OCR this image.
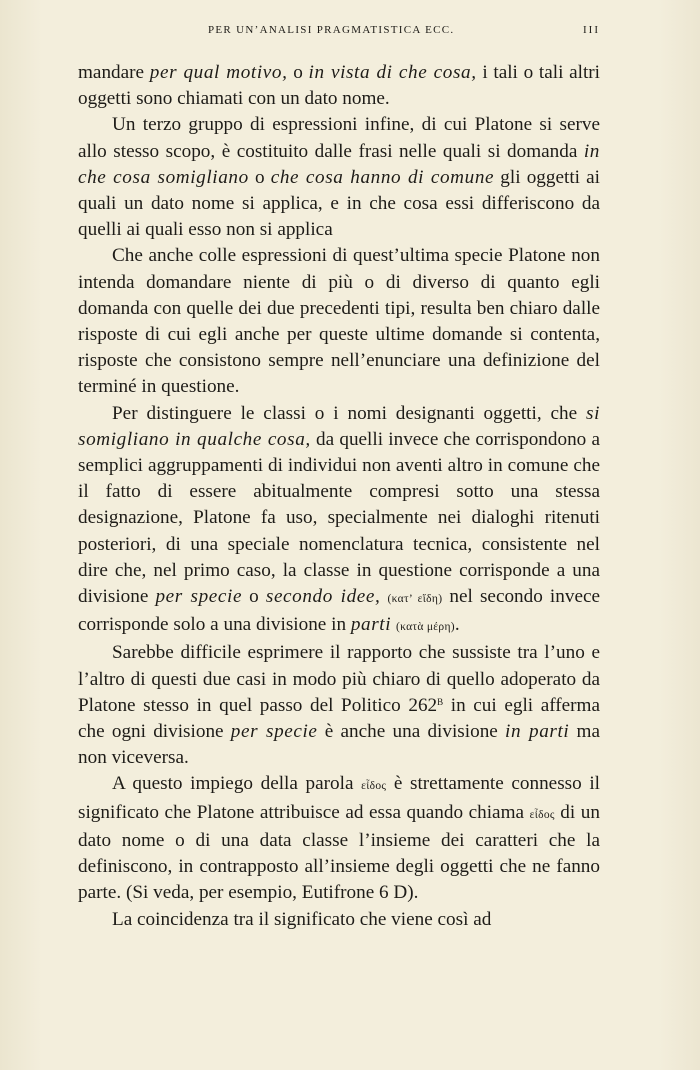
PER UN’ANALISI PRAGMATISTICA ECC.	III

mandare per qual motivo, o in vista di che cosa, i tali o tali altri oggetti sono chiamati con un dato nome.

Un terzo gruppo di espressioni infine, di cui Platone si serve allo stesso scopo, è costituito dalle frasi nelle quali si domanda in che cosa somigliano o che cosa hanno di comune gli oggetti ai quali un dato nome si applica, e in che cosa essi differiscono da quelli ai quali esso non si applica

Che anche colle espressioni di quest’ultima specie Platone non intenda domandare niente di più o di diverso di quanto egli domanda con quelle dei due precedenti tipi, resulta ben chiaro dalle risposte di cui egli anche per queste ultime domande si contenta, risposte che consistono sempre nell’enunciare una definizione del terminé in questione.

Per distinguere le classi o i nomi designanti oggetti, che si somigliano in qualche cosa, da quelli invece che corrispondono a semplici aggruppamenti di individui non aventi altro in comune che il fatto di essere abitualmente compresi sotto una stessa designazione, Platone fa uso, specialmente nei dialoghi ritenuti posteriori, di una speciale nomenclatura tecnica, consistente nel dire che, nel primo caso, la classe in questione corrisponde a una divisione per specie o secondo idee, (κατ’ εἴδη) nel secondo invece corrisponde solo a una divisione in parti (κατὰ μέρη).

Sarebbe difficile esprimere il rapporto che sussiste tra l’uno e l’altro di questi due casi in modo più chiaro di quello adoperato da Platone stesso in quel passo del Politico $262^B$ in cui egli afferma che ogni divisione per specie è anche una divisione in parti ma non viceversa.

A questo impiego della parola εἶδος è strettamente connesso il significato che Platone attribuisce ad essa quando chiama εἶδος di un dato nome o di una data classe l’insieme dei caratteri che la definiscono, in contrapposto all’insieme degli oggetti che ne fanno parte. (Si veda, per esempio, Eutifrone 6 D).

La coincidenza tra il significato che viene così ad
